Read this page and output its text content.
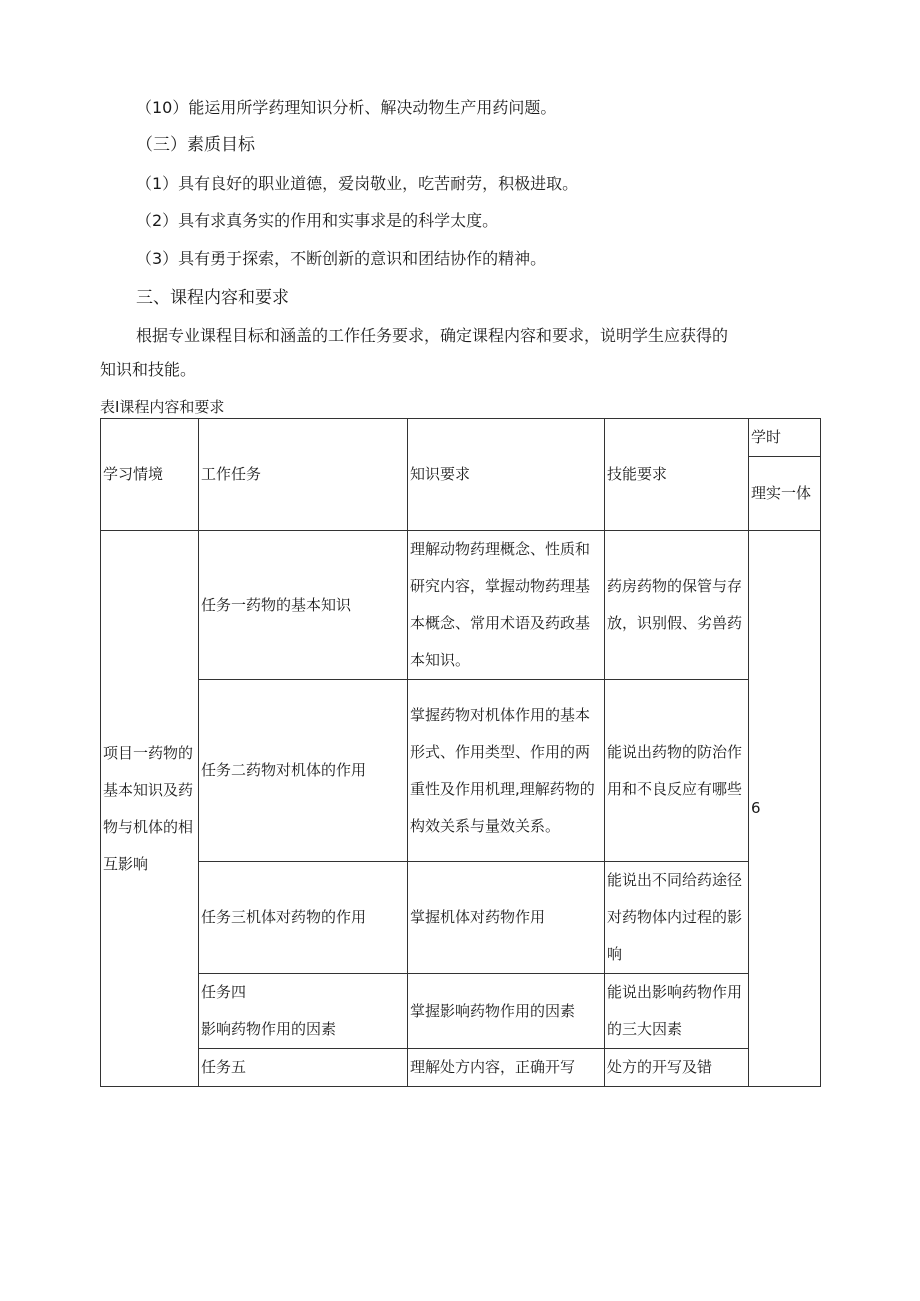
（10）能运用所学药理知识分析、解决动物生产用药问题。
（三）素质目标
（1）具有良好的职业道德，爱岗敬业，吃苦耐劳，积极进取。
（2）具有求真务实的作用和实事求是的科学太度。
（3）具有勇于探索，不断创新的意识和团结协作的精神。
三、课程内容和要求
根据专业课程目标和涵盖的工作任务要求，确定课程内容和要求，说明学生应获得的
知识和技能。
表Ⅰ课程内容和要求
学习情境	工作任务	知识要求	技能要求	学时
				理实一体
项目一药物的基本知识及药物与机体的相互影响	任务一药物的基本知识	理解动物药理概念、性质和研究内容，掌握动物药理基本概念、常用术语及药政基本知识。	药房药物的保管与存放，识别假、劣兽药	6
	任务二药物对机体的作用	掌握药物对机体作用的基本形式、作用类型、作用的两重性及作用机理,理解药物的构效关系与量效关系。	能说出药物的防治作用和不良反应有哪些	
	任务三机体对药物的作用	掌握机体对药物作用	能说出不同给药途径对药物体内过程的影响	

	任务四
影响药物作用的因素	掌握影响药物作用的因素	能说出影响药物作用的三大因素	
	任务五	理解处方内容，正确开写	处方的开写及错	
